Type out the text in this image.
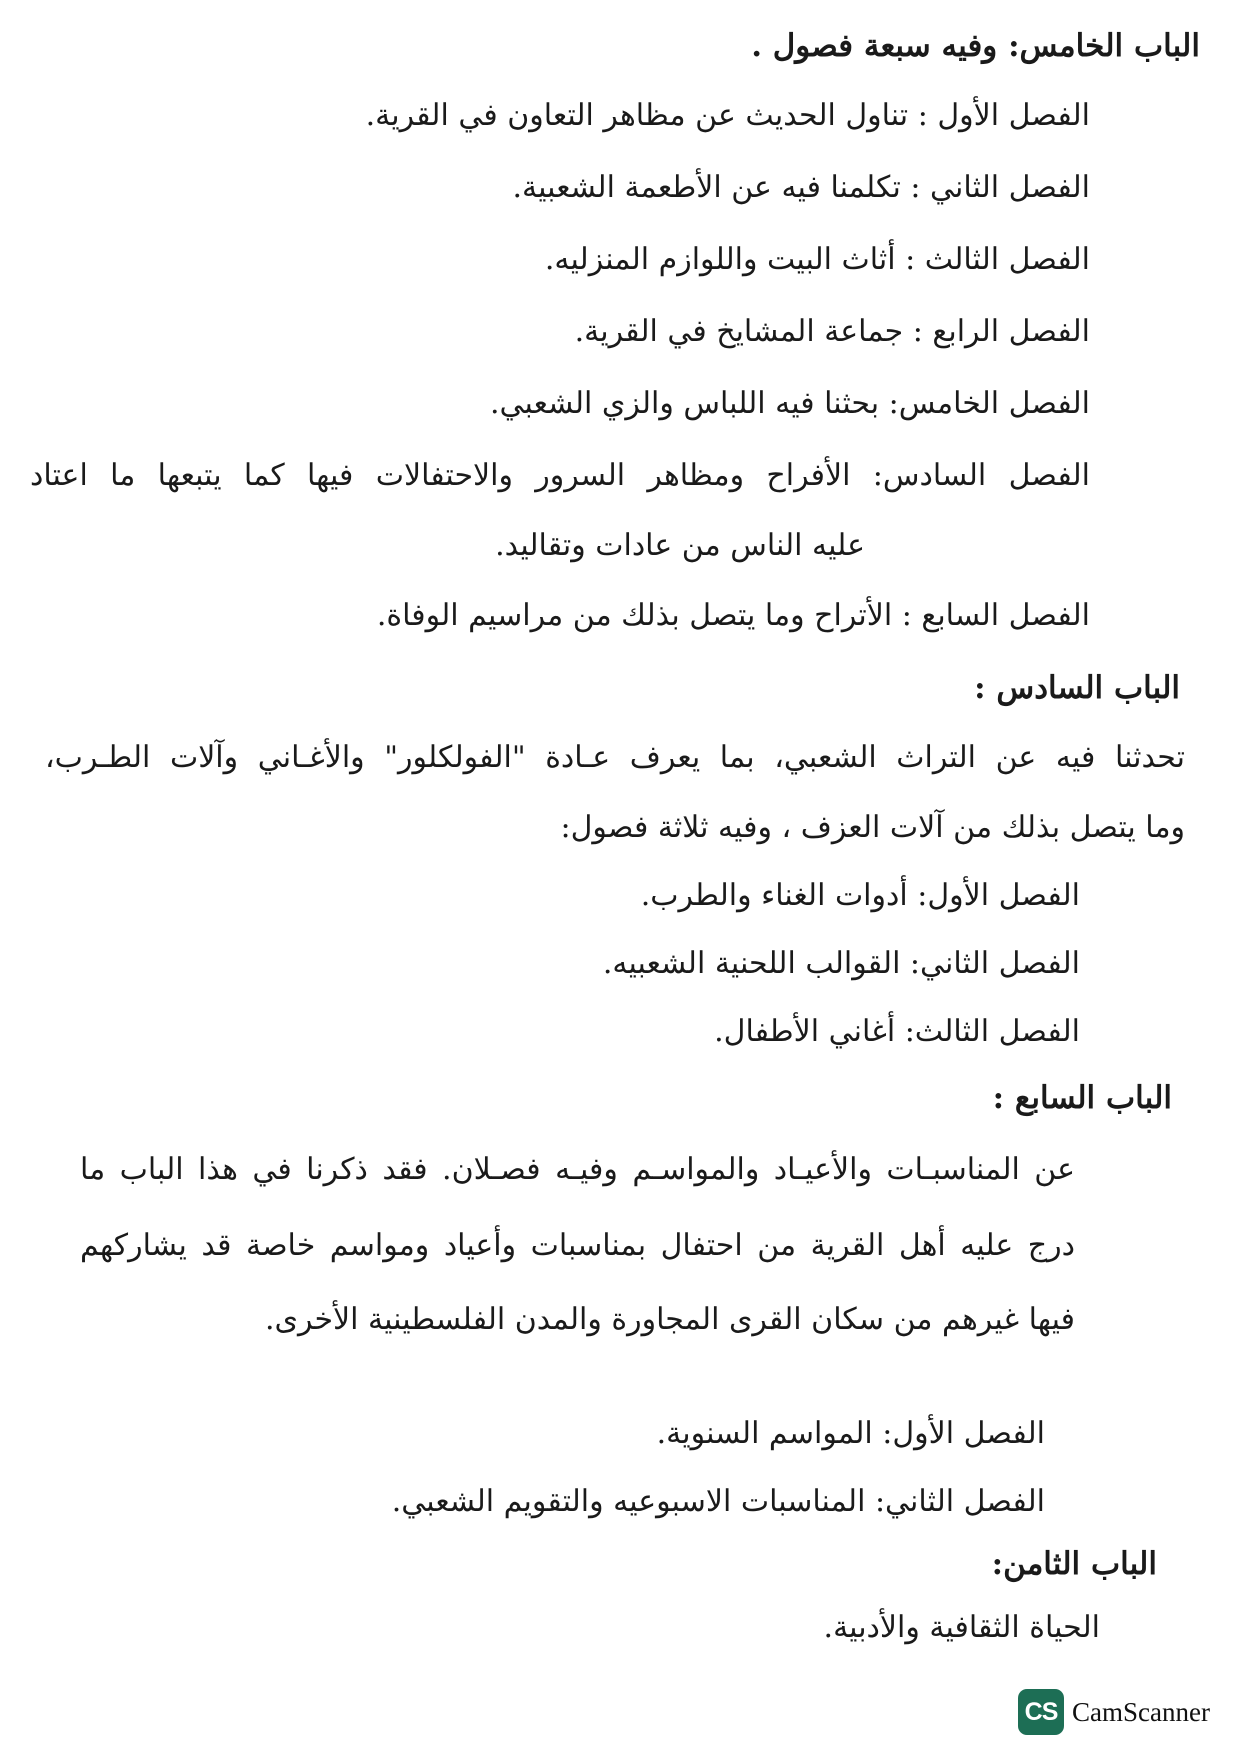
الباب الخامس: وفيه سبعة فصول .
الفصل الأول : تناول الحديث عن مظاهر التعاون في القرية.
الفصل الثاني : تكلمنا فيه عن الأطعمة الشعبية.
الفصل الثالث : أثاث البيت واللوازم المنزليه.
الفصل الرابع : جماعة المشايخ في القرية.
الفصل الخامس: بحثنا فيه اللباس والزي الشعبي.
الفصل السادس: الأفراح ومظاهر السرور والاحتفالات فيها كما يتبعها ما اعتاد
عليه الناس من عادات وتقاليد.
الفصل السابع : الأتراح وما يتصل بذلك من مراسيم الوفاة.
الباب السادس :
تحدثنا فيه عن التراث الشعبي، بما يعرف عـادة "الفولكلور" والأغـاني وآلات الطـرب،
وما يتصل بذلك من آلات العزف ، وفيه ثلاثة فصول:
الفصل الأول: أدوات الغناء والطرب.
الفصل الثاني: القوالب اللحنية الشعبيه.
الفصل الثالث: أغاني الأطفال.
الباب السابع :
عن المناسبـات والأعيـاد والمواسـم وفيـه فصـلان. فقد ذكرنا في هذا الباب ما
درج عليه أهل القرية من احتفال بمناسبات وأعياد ومواسم خاصة قد يشاركهم
فيها غيرهم من سكان القرى المجاورة والمدن الفلسطينية الأخرى.
الفصل الأول: المواسم السنوية.
الفصل الثاني: المناسبات الاسبوعيه والتقويم الشعبي.
الباب الثامن:
الحياة الثقافية والأدبية.
CS CamScanner
